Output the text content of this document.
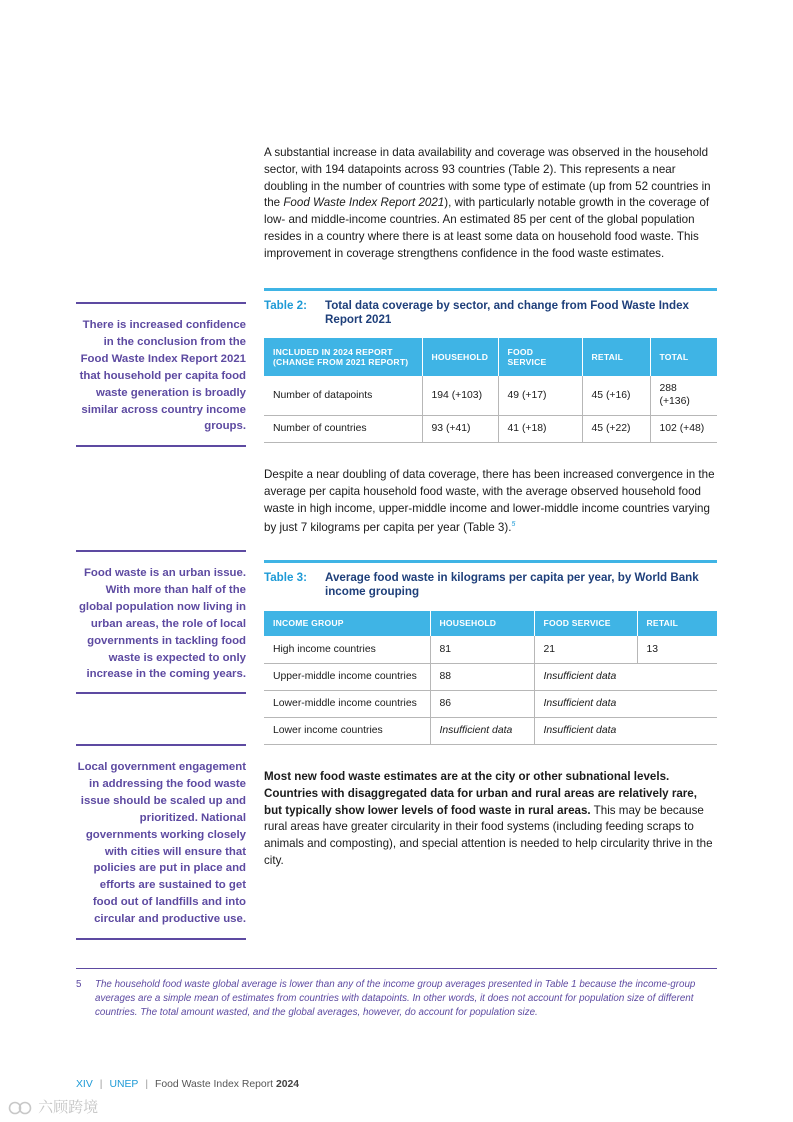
A substantial increase in data availability and coverage was observed in the household sector, with 194 datapoints across 93 countries (Table 2). This represents a near doubling in the number of countries with some type of estimate (up from 52 countries in the Food Waste Index Report 2021), with particularly notable growth in the coverage of low- and middle-income countries. An estimated 85 per cent of the global population resides in a country where there is at least some data on household food waste. This improvement in coverage strengthens confidence in the food waste estimates.
There is increased confidence in the conclusion from the Food Waste Index Report 2021 that household per capita food waste generation is broadly similar across country income groups.
Table 2: Total data coverage by sector, and change from Food Waste Index Report 2021
INCLUDED IN 2024 REPORT (CHANGE FROM 2021 REPORT)	HOUSEHOLD	FOOD SERVICE	RETAIL	TOTAL
Number of datapoints	194 (+103)	49 (+17)	45 (+16)	288 (+136)
Number of countries	93 (+41)	41 (+18)	45 (+22)	102 (+48)
Despite a near doubling of data coverage, there has been increased convergence in the average per capita household food waste, with the average observed household food waste in high income, upper-middle income and lower-middle income countries varying by just 7 kilograms per capita per year (Table 3).$^5$
Food waste is an urban issue. With more than half of the global population now living in urban areas, the role of local governments in tackling food waste is expected to only increase in the coming years.
Table 3: Average food waste in kilograms per capita per year, by World Bank income grouping
INCOME GROUP	HOUSEHOLD	FOOD SERVICE	RETAIL
High income countries	81	21	13
Upper-middle income countries	88	Insufficient data	
Lower-middle income countries	86	Insufficient data	
Lower income countries	Insufficient data	Insufficient data	
Local government engagement in addressing the food waste issue should be scaled up and prioritized. National governments working closely with cities will ensure that policies are put in place and efforts are sustained to get food out of landfills and into circular and productive use.
Most new food waste estimates are at the city or other subnational levels. Countries with disaggregated data for urban and rural areas are relatively rare, but typically show lower levels of food waste in rural areas. This may be because rural areas have greater circularity in their food systems (including feeding scraps to animals and composting), and special attention is needed to help circularity thrive in the city.
5 The household food waste global average is lower than any of the income group averages presented in Table 1 because the income-group averages are a simple mean of estimates from countries with datapoints. In other words, it does not account for population size of different countries. The total amount wasted, and the global averages, however, do account for population size.
XIV | UNEP | Food Waste Index Report 2024
六顾跨境
